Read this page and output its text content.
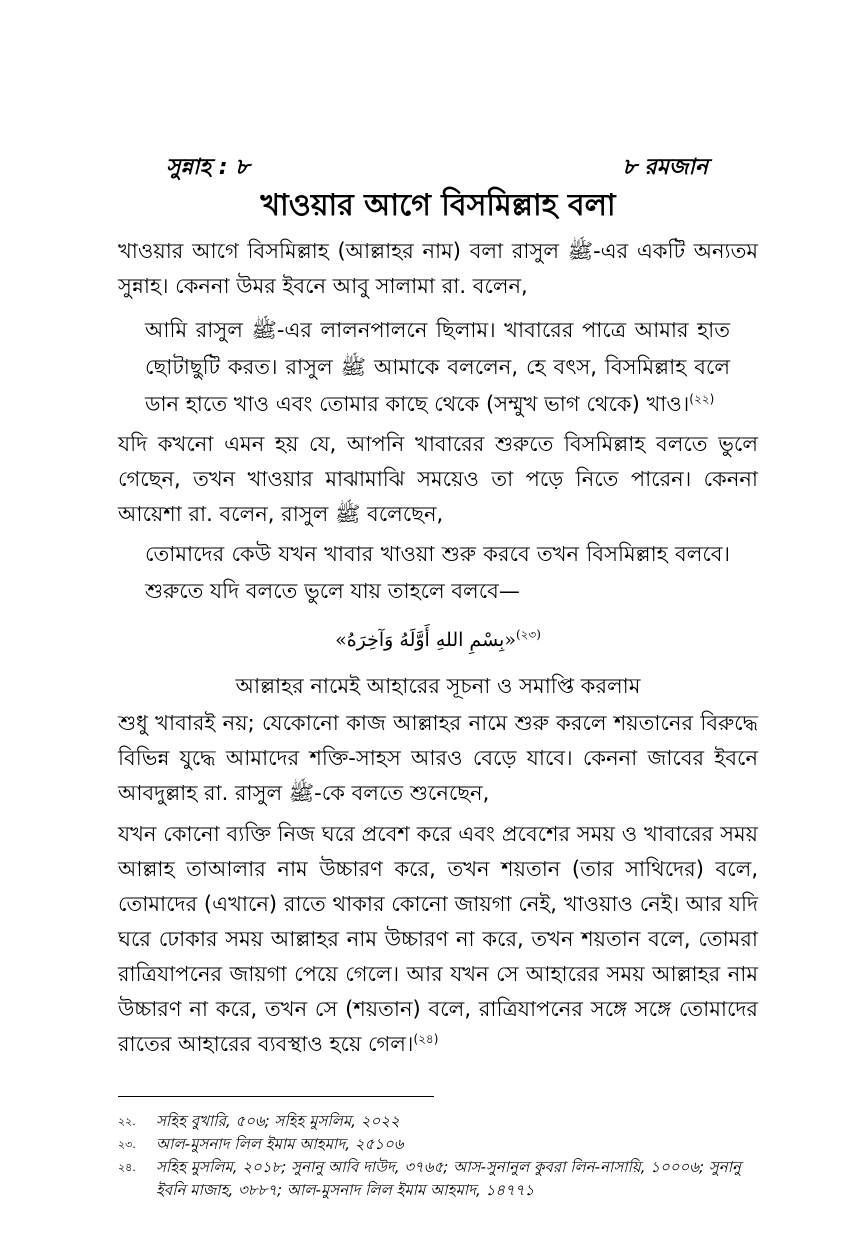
সুন্নাহ : ৮	৮ রমজান
খাওয়ার আগে বিসমিল্লাহ বলা

খাওয়ার আগে বিসমিল্লাহ (আল্লাহর নাম) বলা রাসুল ﷺ-এর একটি অন্যতম সুন্নাহ। কেননা উমর ইবনে আবু সালামা রা. বলেন,

আমি রাসুল ﷺ-এর লালনপালনে ছিলাম। খাবারের পাত্রে আমার হাত ছোটাছুটি করত। রাসুল ﷺ আমাকে বললেন, হে বৎস, বিসমিল্লাহ বলে ডান হাতে খাও এবং তোমার কাছে থেকে (সম্মুখ ভাগ থেকে) খাও।$^{(২২)}$

যদি কখনো এমন হয় যে, আপনি খাবারের শুরুতে বিসমিল্লাহ বলতে ভুলে গেছেন, তখন খাওয়ার মাঝামাঝি সময়েও তা পড়ে নিতে পারেন। কেননা আয়েশা রা. বলেন, রাসুল ﷺ বলেছেন,

তোমাদের কেউ যখন খাবার খাওয়া শুরু করবে তখন বিসমিল্লাহ বলবে। শুরুতে যদি বলতে ভুলে যায় তাহলে বলবে—

«بِسْمِ اللهِ أَوَّلَهُ وَآخِرَهُ»$^{(২৩)}$
আল্লাহর নামেই আহারের সূচনা ও সমাপ্তি করলাম

শুধু খাবারই নয়; যেকোনো কাজ আল্লাহর নামে শুরু করলে শয়তানের বিরুদ্ধে বিভিন্ন যুদ্ধে আমাদের শক্তি-সাহস আরও বেড়ে যাবে। কেননা জাবের ইবনে আবদুল্লাহ রা. রাসুল ﷺ-কে বলতে শুনেছেন,

যখন কোনো ব্যক্তি নিজ ঘরে প্রবেশ করে এবং প্রবেশের সময় ও খাবারের সময় আল্লাহ তাআলার নাম উচ্চারণ করে, তখন শয়তান (তার সাথিদের) বলে, তোমাদের (এখানে) রাতে থাকার কোনো জায়গা নেই, খাওয়াও নেই। আর যদি ঘরে ঢোকার সময় আল্লাহর নাম উচ্চারণ না করে, তখন শয়তান বলে, তোমরা রাত্রিযাপনের জায়গা পেয়ে গেলে। আর যখন সে আহারের সময় আল্লাহর নাম উচ্চারণ না করে, তখন সে (শয়তান) বলে, রাত্রিযাপনের সঙ্গে সঙ্গে তোমাদের রাতের আহারের ব্যবস্থাও হয়ে গেল।$^{(২৪)}$

২২. সহিহ বুখারি, ৫০৬; সহিহ মুসলিম, ২০২২
২৩. আল-মুসনাদ লিল ইমাম আহমাদ, ২৫১০৬
২৪. সহিহ মুসলিম, ২০১৮; সুনানু আবি দাউদ, ৩৭৬৫; আস-সুনানুল কুবরা লিন-নাসায়ি, ১০০০৬; সুনানু ইবনি মাজাহ, ৩৮৮৭; আল-মুসনাদ লিল ইমাম আহমাদ, ১৪৭৭১
